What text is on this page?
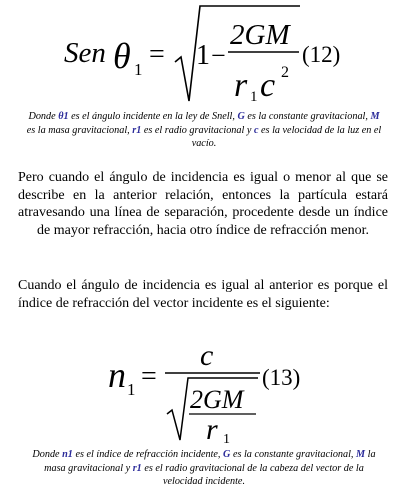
Sen θ 1 = 1 −
2GM
r 1 c 2
(12)
Donde θ1 es el ángulo incidente en la ley de Snell, G es la constante gravitacional, M es la masa gravitacional, r1 es el radio gravitacional y c es la velocidad de la luz en el vacío.
Pero cuando el ángulo de incidencia es igual o menor al que se describe en la anterior relación, entonces la partícula estará atravesando una línea de separación, procedente desde un índice de mayor refracción, hacia otro índice de refracción menor.
Cuando el ángulo de incidencia es igual al anterior es porque el índice de refracción del vector incidente es el siguiente:
n 1 =
c
2GM
r 1
(13)
Donde n1 es el índice de refracción incidente, G es la constante gravitacional, M la masa gravitacional y r1 es el radio gravitacional de la cabeza del vector de la velocidad incidente.
